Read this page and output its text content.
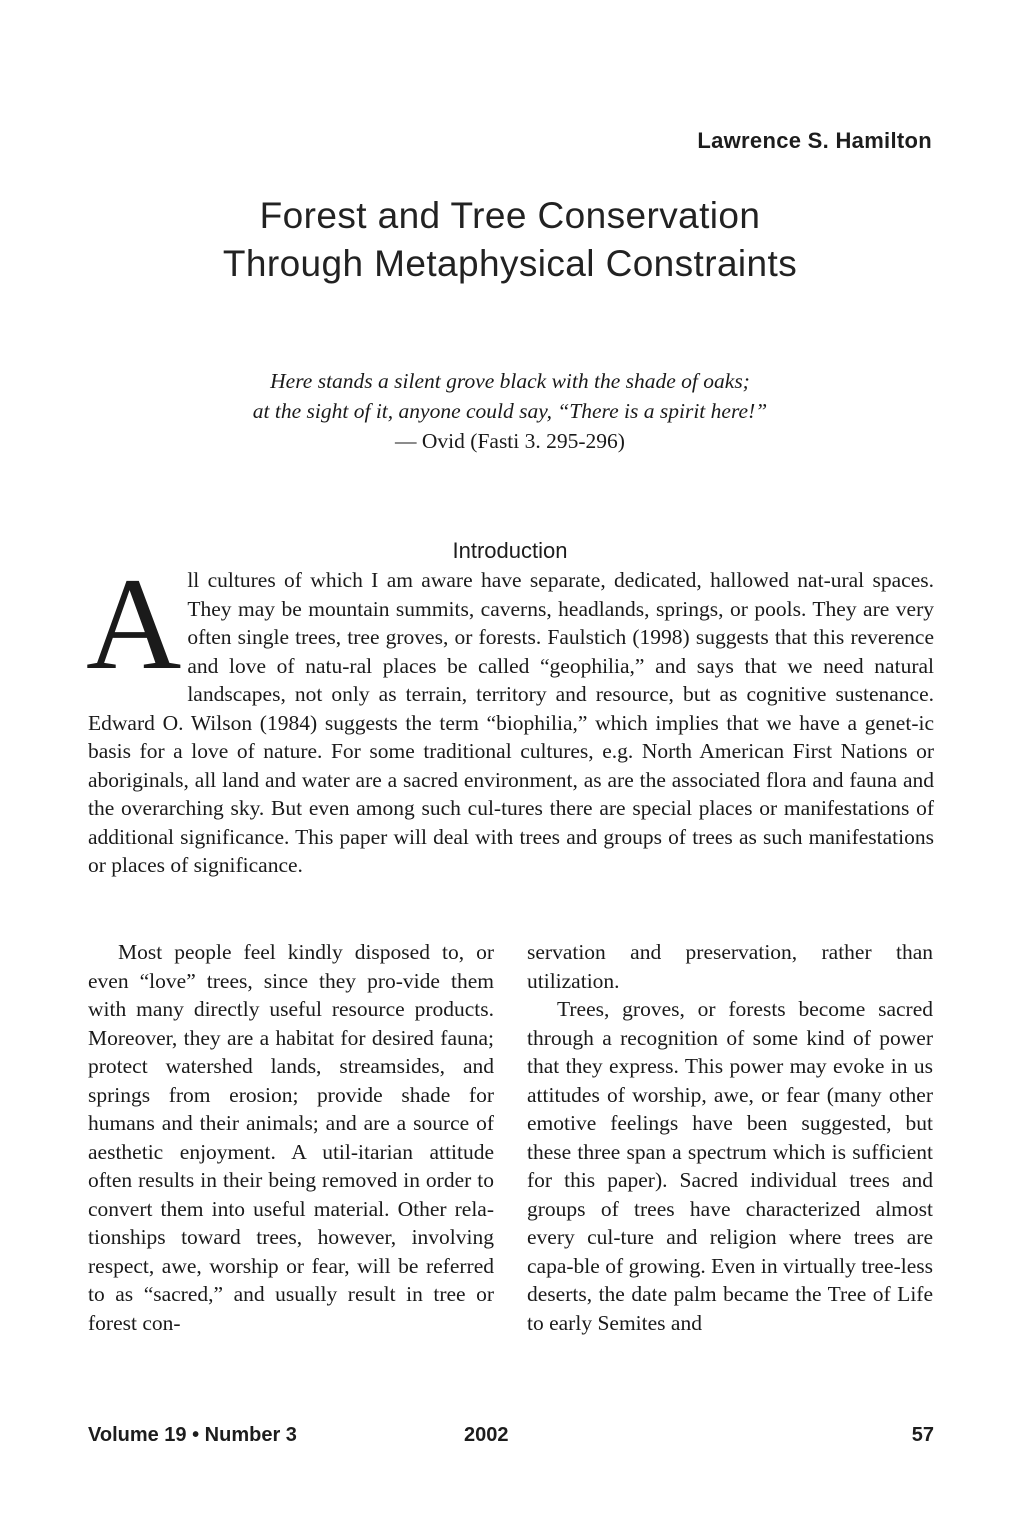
Lawrence S. Hamilton
Forest and Tree Conservation
Through Metaphysical Constraints
Here stands a silent grove black with the shade of oaks;
at the sight of it, anyone could say, “There is a spirit here!”
— Ovid (Fasti 3. 295-296)
Introduction
All cultures of which I am aware have separate, dedicated, hallowed nat-ural spaces. They may be mountain summits, caverns, headlands, springs, or pools. They are very often single trees, tree groves, or forests. Faulstich (1998) suggests that this reverence and love of natu-ral places be called “geophilia,” and says that we need natural landscapes, not only as terrain, territory and resource, but as cognitive sustenance. Edward O. Wilson (1984) suggests the term “biophilia,” which implies that we have a genet-ic basis for a love of nature. For some traditional cultures, e.g. North American First Nations or aboriginals, all land and water are a sacred environment, as are the associated flora and fauna and the overarching sky. But even among such cul-tures there are special places or manifestations of additional significance. This paper will deal with trees and groups of trees as such manifestations or places of significance.

Most people feel kindly disposed to, or even “love” trees, since they pro-vide them with many directly useful resource products. Moreover, they are a habitat for desired fauna; protect watershed lands, streamsides, and springs from erosion; provide shade for humans and their animals; and are a source of aesthetic enjoyment. A util-itarian attitude often results in their being removed in order to convert them into useful material. Other rela-tionships toward trees, however, involving respect, awe, worship or fear, will be referred to as “sacred,” and usually result in tree or forest con-

servation and preservation, rather than utilization.

Trees, groves, or forests become sacred through a recognition of some kind of power that they express. This power may evoke in us attitudes of worship, awe, or fear (many other emotive feelings have been suggested, but these three span a spectrum which is sufficient for this paper). Sacred individual trees and groups of trees have characterized almost every cul-ture and religion where trees are capa-ble of growing. Even in virtually tree-less deserts, the date palm became the Tree of Life to early Semites and

Volume 19 • Number 3	2002	57
